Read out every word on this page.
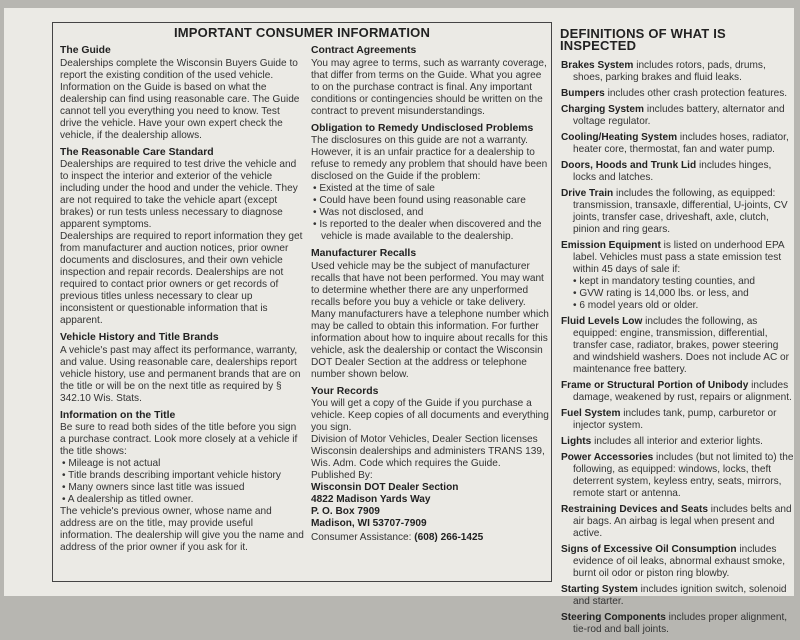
IMPORTANT CONSUMER INFORMATION
The Guide

Dealerships complete the Wisconsin Buyers Guide to report the existing condition of the used vehicle. Information on the Guide is based on what the dealership can find using reasonable care. The Guide cannot tell you everything you need to know. Test drive the vehicle. Have your own expert check the vehicle, if the dealership allows.

The Reasonable Care Standard

Dealerships are required to test drive the vehicle and to inspect the interior and exterior of the vehicle including under the hood and under the vehicle. They are not required to take the vehicle apart (except brakes) or run tests unless necessary to diagnose apparent symptoms.

Dealerships are required to report information they get from manufacturer and auction notices, prior owner documents and disclosures, and their own vehicle inspection and repair records. Dealerships are not required to contact prior owners or get records of previous titles unless necessary to clear up inconsistent or questionable information that is apparent.

Vehicle History and Title Brands

A vehicle's past may affect its performance, warranty, and value. Using reasonable care, dealerships report vehicle history, use and permanent brands that are on the title or will be on the next title as required by § 342.10 Wis. Stats.

Information on the Title

Be sure to read both sides of the title before you sign a purchase contract. Look more closely at a vehicle if the title shows:

• Mileage is not actual
• Title brands describing important vehicle history
• Many owners since last title was issued
• A dealership as titled owner.

The vehicle's previous owner, whose name and address are on the title, may provide useful information. The dealership will give you the name and address of the prior owner if you ask for it.

Contract Agreements

You may agree to terms, such as warranty coverage, that differ from terms on the Guide. What you agree to on the purchase contract is final. Any important conditions or contingencies should be written on the contract to prevent misunderstandings.

Obligation to Remedy Undisclosed Problems

The disclosures on this guide are not a warranty. However, it is an unfair practice for a dealership to refuse to remedy any problem that should have been disclosed on the Guide if the problem:

• Existed at the time of sale
• Could have been found using reasonable care
• Was not disclosed, and
• Is reported to the dealer when discovered and the vehicle is made available to the dealership.
Manufacturer Recalls

Used vehicle may be the subject of manufacturer recalls that have not been performed. You may want to determine whether there are any unperformed recalls before you buy a vehicle or take delivery. Many manufacturers have a telephone number which may be called to obtain this information. For further information about how to inquire about recalls for this vehicle, ask the dealership or contact the Wisconsin DOT Dealer Section at the address or telephone number shown below.

Your Records

You will get a copy of the Guide if you purchase a vehicle. Keep copies of all documents and everything you sign.

Division of Motor Vehicles, Dealer Section licenses Wisconsin dealerships and administers TRANS 139, Wis. Adm. Code which requires the Guide.

Published By:

Wisconsin DOT Dealer Section

4822 Madison Yards Way

P. O. Box 7909

Madison, WI 53707-7909

Consumer Assistance: (608) 266-1425

DEFINITIONS OF WHAT IS INSPECTED
Brakes System includes rotors, pads, drums, shoes, parking brakes and fluid leaks.
Bumpers includes other crash protection features.
Charging System includes battery, alternator and voltage regulator.
Cooling/Heating System includes hoses, radiator, heater core, thermostat, fan and water pump.
Doors, Hoods and Trunk Lid includes hinges, locks and latches.
Drive Train includes the following, as equipped: transmission, transaxle, differential, U-joints, CV joints, transfer case, driveshaft, axle, clutch, pinion and ring gears.
Emission Equipment is listed on underhood EPA label. Vehicles must pass a state emission test within 45 days of sale if:
• kept in mandatory testing counties, and
• GVW rating is 14,000 lbs. or less, and
• 6 model years old or older.
Fluid Levels Low includes the following, as equipped: engine, transmission, differential, transfer case, radiator, brakes, power steering and windshield washers. Does not include AC or maintenance free battery.
Frame or Structural Portion of Unibody includes damage, weakened by rust, repairs or alignment.
Fuel System includes tank, pump, carburetor or injector system.
Lights includes all interior and exterior lights.
Power Accessories includes (but not limited to) the following, as equipped: windows, locks, theft deterrent system, keyless entry, seats, mirrors, remote start or antenna.
Restraining Devices and Seats includes belts and air bags. An airbag is legal when present and active.
Signs of Excessive Oil Consumption includes evidence of oil leaks, abnormal exhaust smoke, burnt oil odor or piston ring blowby.
Starting System includes ignition switch, solenoid and starter.
Steering Components includes proper alignment, tie-rod and ball joints.
